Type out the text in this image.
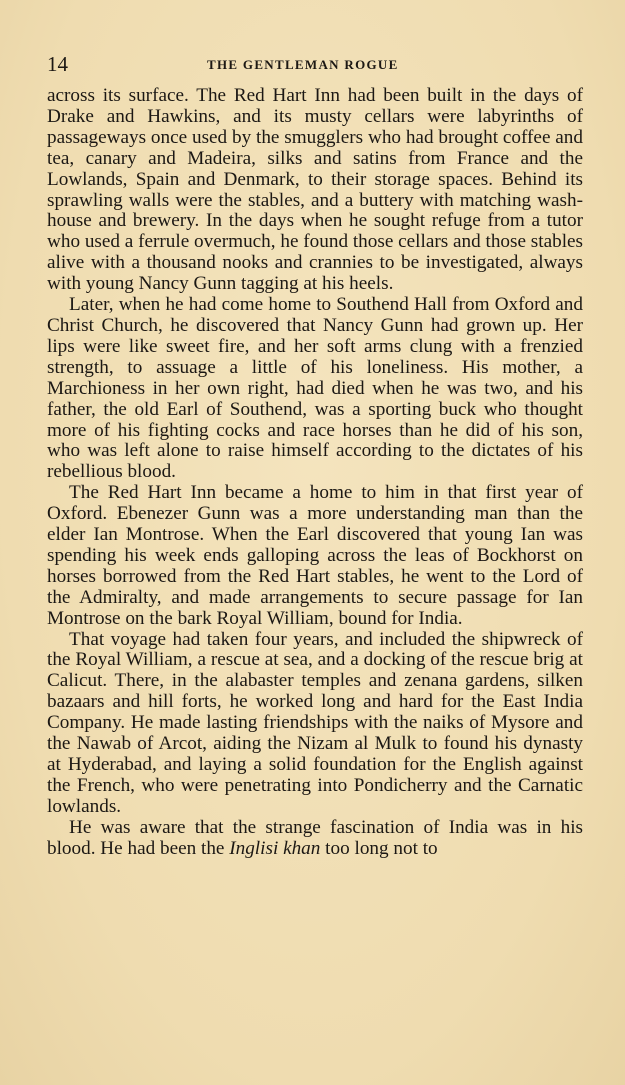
14	THE GENTLEMAN ROGUE

across its surface. The Red Hart Inn had been built in the days of Drake and Hawkins, and its musty cellars were labyrinths of passageways once used by the smugglers who had brought coffee and tea, canary and Madeira, silks and satins from France and the Lowlands, Spain and Denmark, to their storage spaces. Behind its sprawling walls were the stables, and a buttery with matching wash-house and brewery. In the days when he sought refuge from a tutor who used a ferrule overmuch, he found those cellars and those stables alive with a thousand nooks and crannies to be investigated, always with young Nancy Gunn tagging at his heels.

Later, when he had come home to Southend Hall from Oxford and Christ Church, he discovered that Nancy Gunn had grown up. Her lips were like sweet fire, and her soft arms clung with a frenzied strength, to assuage a little of his loneliness. His mother, a Marchioness in her own right, had died when he was two, and his father, the old Earl of Southend, was a sporting buck who thought more of his fighting cocks and race horses than he did of his son, who was left alone to raise himself according to the dictates of his rebellious blood.

The Red Hart Inn became a home to him in that first year of Oxford. Ebenezer Gunn was a more understanding man than the elder Ian Montrose. When the Earl discovered that young Ian was spending his week ends galloping across the leas of Bockhorst on horses borrowed from the Red Hart stables, he went to the Lord of the Admiralty, and made arrangements to secure passage for Ian Montrose on the bark Royal William, bound for India.

That voyage had taken four years, and included the shipwreck of the Royal William, a rescue at sea, and a docking of the rescue brig at Calicut. There, in the alabaster temples and zenana gardens, silken bazaars and hill forts, he worked long and hard for the East India Company. He made lasting friendships with the naiks of Mysore and the Nawab of Arcot, aiding the Nizam al Mulk to found his dynasty at Hyderabad, and laying a solid foundation for the English against the French, who were penetrating into Pondicherry and the Carnatic lowlands.

He was aware that the strange fascination of India was in his blood. He had been the Inglisi khan too long not to
